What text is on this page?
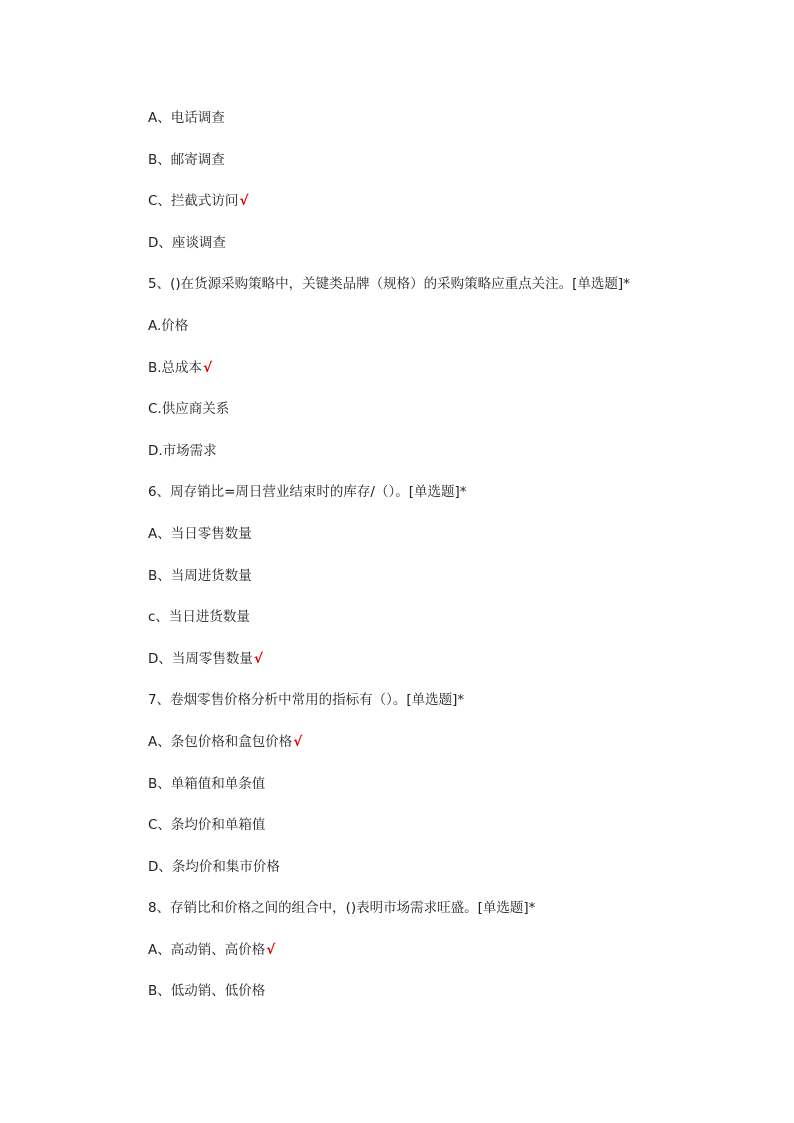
A、电话调查
B、邮寄调查
C、拦截式访问√
D、座谈调查
5、()在货源采购策略中，关键类品牌（规格）的采购策略应重点关注。[单选题]*
A.价格
B.总成本√
C.供应商关系
D.市场需求
6、周存销比=周日营业结束时的库存/（）。[单选题]*
A、当日零售数量
B、当周进货数量
c、当日进货数量
D、当周零售数量√
7、卷烟零售价格分析中常用的指标有（）。[单选题]*
A、条包价格和盒包价格√
B、单箱值和单条值
C、条均价和单箱值
D、条均价和集市价格
8、存销比和价格之间的组合中，()表明市场需求旺盛。[单选题]*
A、高动销、高价格√
B、低动销、低价格
